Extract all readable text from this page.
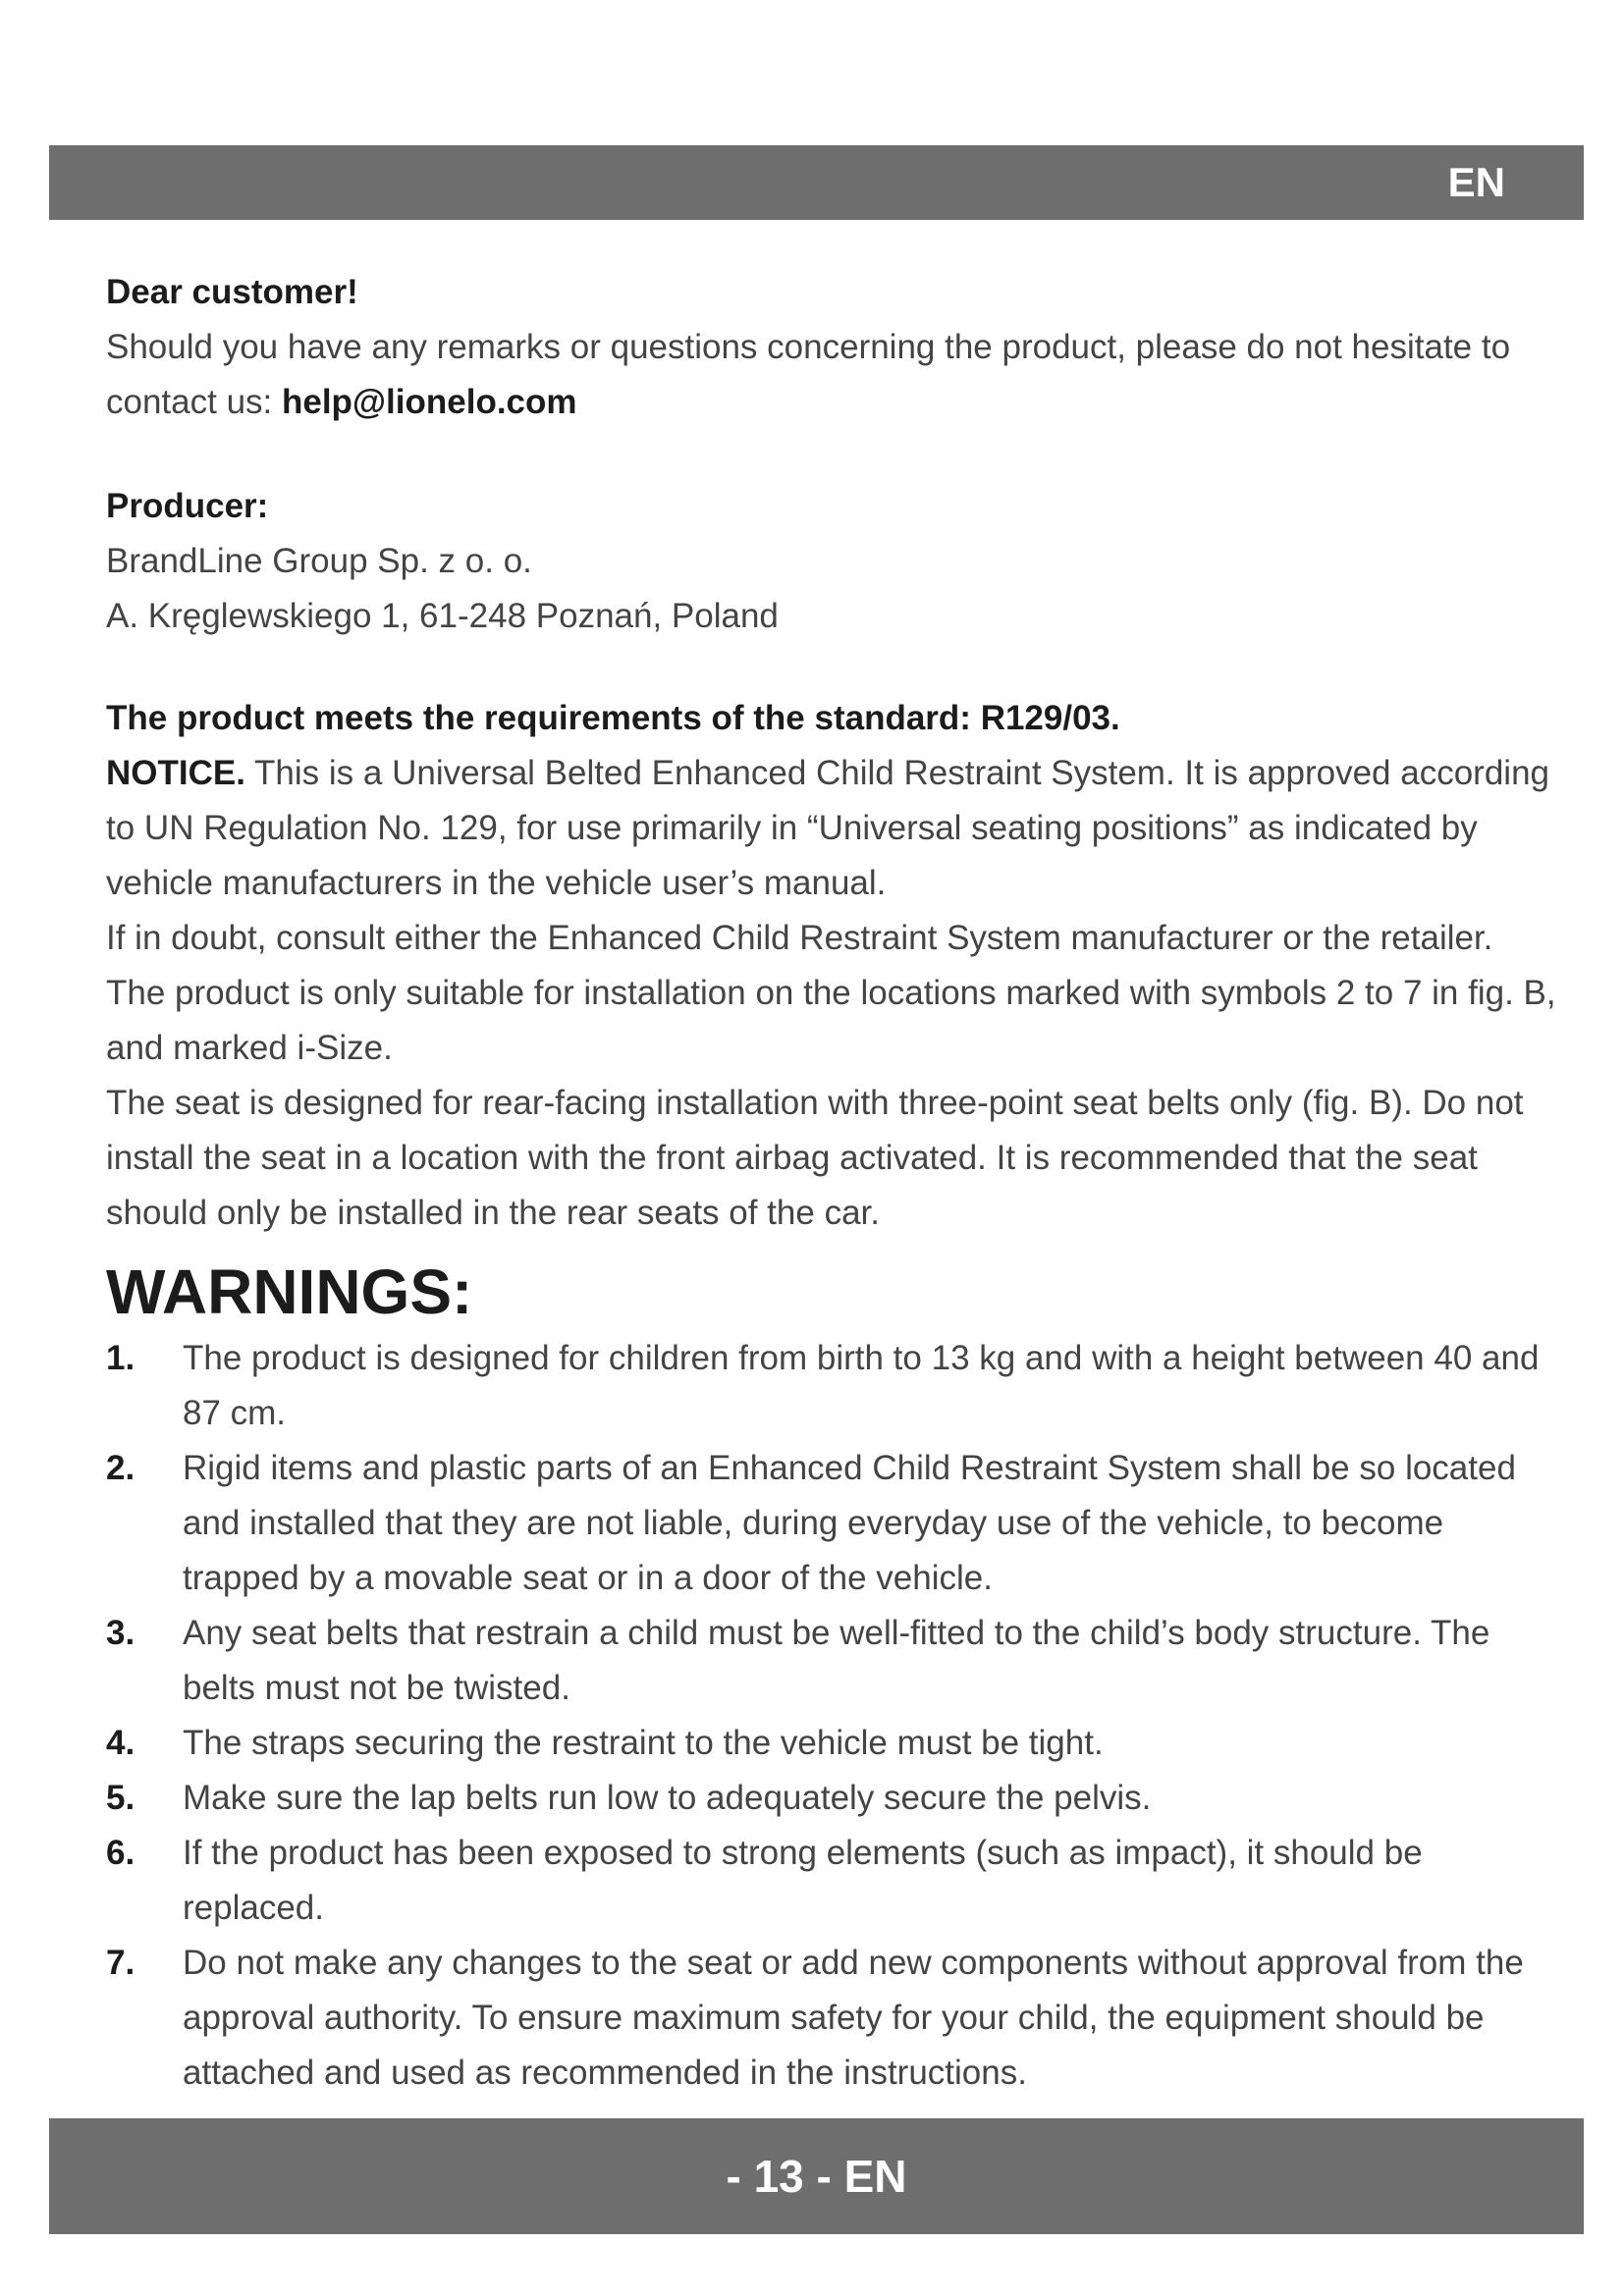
EN

Dear customer!

Should you have any remarks or questions concerning the product, please do not hesitate to contact us: help@lionelo.com

Producer:

BrandLine Group Sp. z o. o.

A. Kręglewskiego 1, 61-248 Poznań, Poland

The product meets the requirements of the standard: R129/03.

NOTICE. This is a Universal Belted Enhanced Child Restraint System. It is approved according to UN Regulation No. 129, for use primarily in “Universal seating positions” as indicated by vehicle manufacturers in the vehicle user’s manual.

If in doubt, consult either the Enhanced Child Restraint System manufacturer or the retailer. The product is only suitable for installation on the locations marked with symbols 2 to 7 in fig. B, and marked i-Size.

The seat is designed for rear-facing installation with three-point seat belts only (fig. B). Do not install the seat in a location with the front airbag activated. It is recommended that the seat should only be installed in the rear seats of the car.

WARNINGS:
1. The product is designed for children from birth to 13 kg and with a height between 40 and 87 cm.
2. Rigid items and plastic parts of an Enhanced Child Restraint System shall be so located and installed that they are not liable, during everyday use of the vehicle, to become trapped by a movable seat or in a door of the vehicle.
3. Any seat belts that restrain a child must be well-fitted to the child’s body structure. The belts must not be twisted.
4. The straps securing the restraint to the vehicle must be tight.
5. Make sure the lap belts run low to adequately secure the pelvis.
6. If the product has been exposed to strong elements (such as impact), it should be replaced.
7. Do not make any changes to the seat or add new components without approval from the approval authority. To ensure maximum safety for your child, the equipment should be attached and used as recommended in the instructions.
- 13 - EN
